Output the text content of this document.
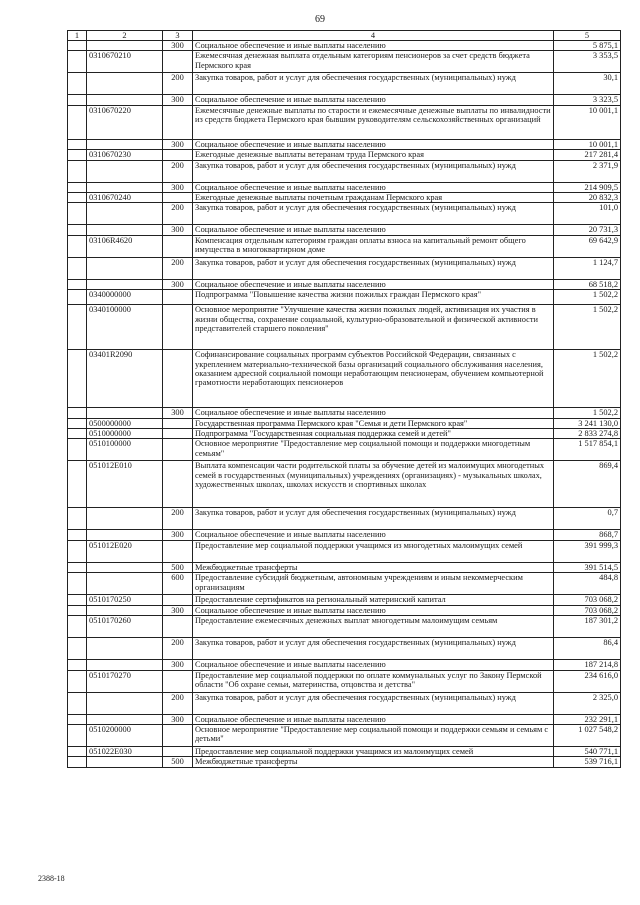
69
1	2	3	4	5
		300	Социальное обеспечение и иные выплаты населению	5 875,1
	0310670210		Ежемесячная денежная выплата отдельным категориям пенсионеров за счет средств бюджета Пермского края	3 353,5
		200	Закупка товаров, работ и услуг для обеспечения государственных (муниципальных) нужд	30,1
		300	Социальное обеспечение и иные выплаты населению	3 323,5
	0310670220		Ежемесячные денежные выплаты по старости и ежемесячные денежные выплаты по инвалидности из средств бюджета Пермского края бывшим руководителям сельскохозяйственных организаций	10 001,1
		300	Социальное обеспечение и иные выплаты населению	10 001,1
	0310670230		Ежегодные денежные выплаты ветеранам труда Пермского края	217 281,4
		200	Закупка товаров, работ и услуг для обеспечения государственных (муниципальных) нужд	2 371,9
		300	Социальное обеспечение и иные выплаты населению	214 909,5
	0310670240		Ежегодные денежные выплаты почетным гражданам Пермского края	20 832,3
		200	Закупка товаров, работ и услуг для обеспечения государственных (муниципальных) нужд	101,0
		300	Социальное обеспечение и иные выплаты населению	20 731,3
	03106R4620		Компенсация отдельным категориям граждан оплаты взноса на капитальный ремонт общего имущества в многоквартирном доме	69 642,9
		200	Закупка товаров, работ и услуг для обеспечения государственных (муниципальных) нужд	1 124,7
		300	Социальное обеспечение и иные выплаты населению	68 518,2
	0340000000		Подпрограмма "Повышение качества жизни пожилых граждан Пермского края"	1 502,2
	0340100000		Основное мероприятие "Улучшение качества жизни пожилых людей, активизация их участия в жизни общества, сохранение социальной, культурно-образовательной и физической активности представителей старшего поколения"	1 502,2
	03401R2090		Софинансирование социальных программ субъектов Российской Федерации, связанных с укреплением материально-технической базы организаций социального обслуживания населения, оказанием адресной социальной помощи неработающим пенсионерам, обучением компьютерной грамотности неработающих пенсионеров	1 502,2
		300	Социальное обеспечение и иные выплаты населению	1 502,2
	0500000000		Государственная программа Пермского края "Семья и дети Пермского края"	3 241 130,0
	0510000000		Подпрограмма "Государственная социальная поддержка семей и детей"	2 833 274,8
	0510100000		Основное мероприятие "Предоставление мер социальной помощи и поддержки многодетным семьям"	1 517 854,1
	051012Е010		Выплата компенсации части родительской платы за обучение детей из малоимущих многодетных семей в государственных (муниципальных) учреждениях (организациях) - музыкальных школах, художественных школах, школах искусств и спортивных школах	869,4
		200	Закупка товаров, работ и услуг для обеспечения государственных (муниципальных) нужд	0,7
		300	Социальное обеспечение и иные выплаты населению	868,7
	051012Е020		Предоставление мер социальной поддержки учащимся из многодетных малоимущих семей	391 999,3
		500	Межбюджетные трансферты	391 514,5
		600	Предоставление субсидий бюджетным, автономным учреждениям и иным некоммерческим организациям	484,8
	0510170250		Предоставление сертификатов на региональный материнский капитал	703 068,2
		300	Социальное обеспечение и иные выплаты населению	703 068,2
	0510170260		Предоставление ежемесячных денежных выплат многодетным малоимущим семьям	187 301,2
		200	Закупка товаров, работ и услуг для обеспечения государственных (муниципальных) нужд	86,4
		300	Социальное обеспечение и иные выплаты населению	187 214,8
	0510170270		Предоставление мер социальной поддержки по оплате коммунальных услуг по Закону Пермской области "Об охране семьи, материнства, отцовства и детства"	234 616,0
		200	Закупка товаров, работ и услуг для обеспечения государственных (муниципальных) нужд	2 325,0
		300	Социальное обеспечение и иные выплаты населению	232 291,1
	0510200000		Основное мероприятие "Предоставление мер социальной помощи и поддержки семьям и семьям с детьми"	1 027 548,2
	051022Е030		Предоставление мер социальной поддержки учащимся из малоимущих семей	540 771,1
		500	Межбюджетные трансферты	539 716,1
2388-18
